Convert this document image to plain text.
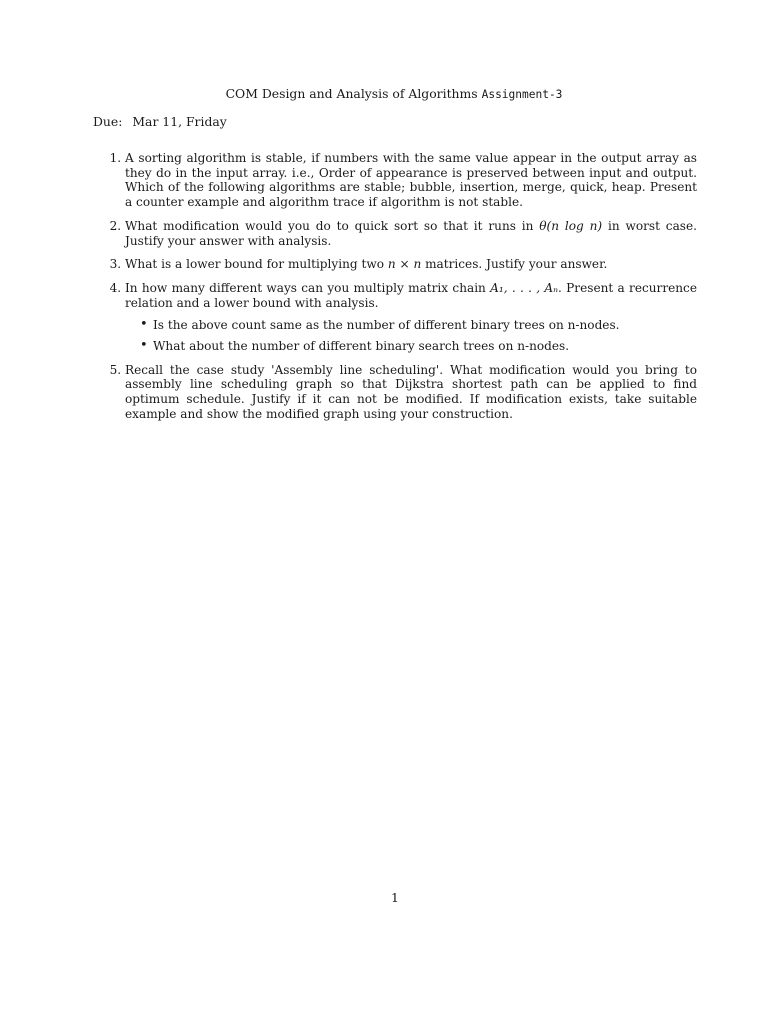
COM Design and Analysis of Algorithms Assignment-3
Due: Mar 11, Friday
1. A sorting algorithm is stable, if numbers with the same value appear in the output array as they do in the input array. i.e., Order of appearance is preserved between input and output. Which of the following algorithms are stable; bubble, insertion, merge, quick, heap. Present a counter example and algorithm trace if algorithm is not stable.
2. What modification would you do to quick sort so that it runs in θ(n log n) in worst case. Justify your answer with analysis.
3. What is a lower bound for multiplying two n × n matrices. Justify your answer.
4. In how many different ways can you multiply matrix chain A₁, . . . , Aₙ. Present a recurrence relation and a lower bound with analysis.
• Is the above count same as the number of different binary trees on n-nodes.
• What about the number of different binary search trees on n-nodes.
5. Recall the case study 'Assembly line scheduling'. What modification would you bring to assembly line scheduling graph so that Dijkstra shortest path can be applied to find optimum schedule. Justify if it can not be modified. If modification exists, take suitable example and show the modified graph using your construction.
1
